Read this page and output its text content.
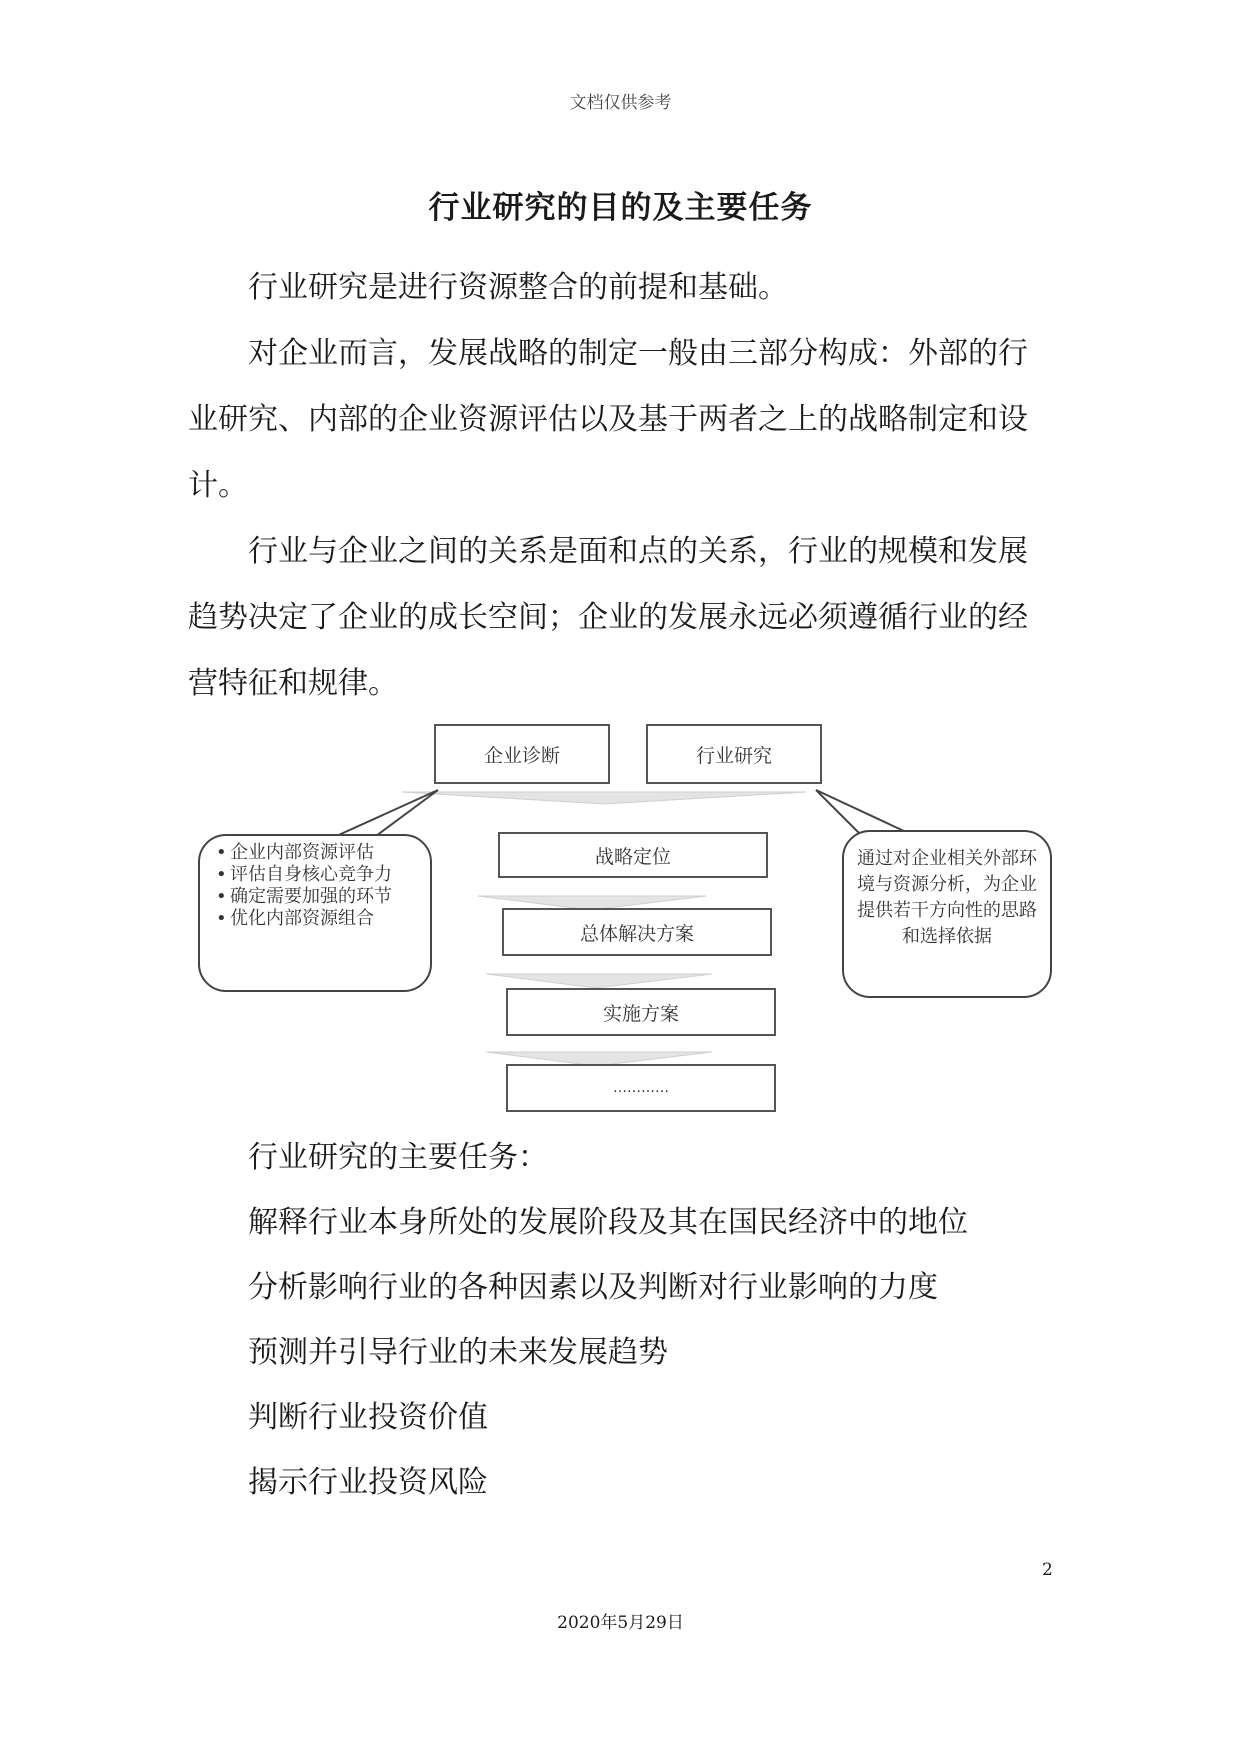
文档仅供参考
行业研究的目的及主要任务

行业研究是进行资源整合的前提和基础。

对企业而言，发展战略的制定一般由三部分构成：外部的行业研究、内部的企业资源评估以及基于两者之上的战略制定和设计。

行业与企业之间的关系是面和点的关系，行业的规模和发展趋势决定了企业的成长空间；企业的发展永远必须遵循行业的经营特征和规律。

企业诊断	行业研究
战略定位
总体解决方案
实施方案
…………
• 企业内部资源评估
• 评估自身核心竞争力
• 确定需要加强的环节
• 优化内部资源组合
通过对企业相关外部环境与资源分析，为企业提供若干方向性的思路和选择依据
行业研究的主要任务：
解释行业本身所处的发展阶段及其在国民经济中的地位
分析影响行业的各种因素以及判断对行业影响的力度
预测并引导行业的未来发展趋势
判断行业投资价值
揭示行业投资风险
2
2020年5月29日
